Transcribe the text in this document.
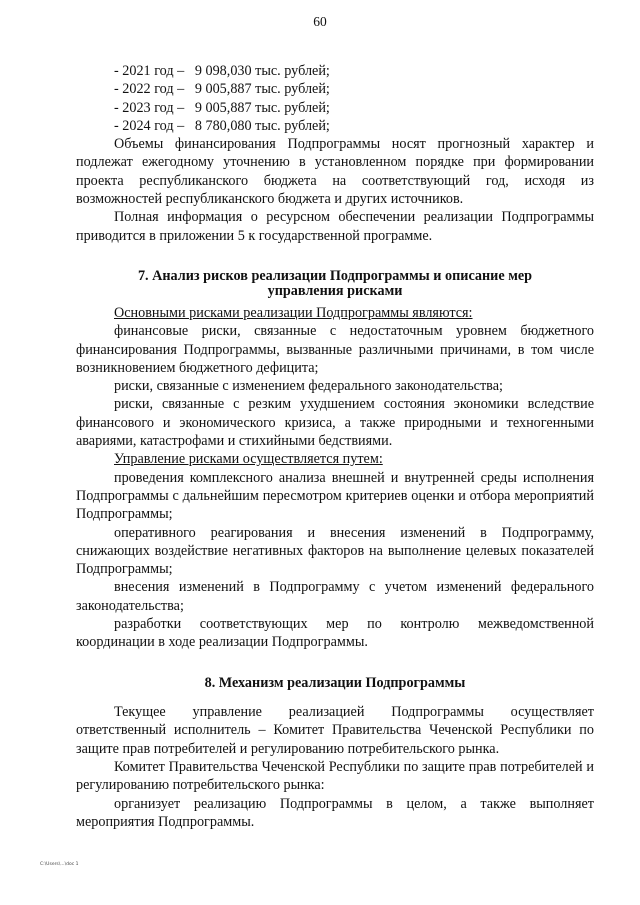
60
- 2021 год – 9 098,030 тыс. рублей;
- 2022 год – 9 005,887 тыс. рублей;
- 2023 год – 9 005,887 тыс. рублей;
- 2024 год – 8 780,080 тыс. рублей;

Объемы финансирования Подпрограммы носят прогнозный характер и подлежат ежегодному уточнению в установленном порядке при формировании проекта республиканского бюджета на соответствующий год, исходя из возможностей республиканского бюджета и других источников.

Полная информация о ресурсном обеспечении реализации Подпрограммы приводится в приложении 5 к государственной программе.

7. Анализ рисков реализации Подпрограммы и описание мер управления рисками

Основными рисками реализации Подпрограммы являются:

финансовые риски, связанные с недостаточным уровнем бюджетного финансирования Подпрограммы, вызванные различными причинами, в том числе возникновением бюджетного дефицита;

риски, связанные с изменением федерального законодательства;

риски, связанные с резким ухудшением состояния экономики вследствие финансового и экономического кризиса, а также природными и техногенными авариями, катастрофами и стихийными бедствиями.

Управление рисками осуществляется путем:

проведения комплексного анализа внешней и внутренней среды исполнения Подпрограммы с дальнейшим пересмотром критериев оценки и отбора мероприятий Подпрограммы;

оперативного реагирования и внесения изменений в Подпрограмму, снижающих воздействие негативных факторов на выполнение целевых показателей Подпрограммы;

внесения изменений в Подпрограмму с учетом изменений федерального законодательства;

разработки соответствующих мер по контролю межведомственной координации в ходе реализации Подпрограммы.

8. Механизм реализации Подпрограммы

Текущее управление реализацией Подпрограммы осуществляет ответственный исполнитель – Комитет Правительства Чеченской Республики по защите прав потребителей и регулированию потребительского рынка.

Комитет Правительства Чеченской Республики по защите прав потребителей и регулированию потребительского рынка:

организует реализацию Подпрограммы в целом, а также выполняет мероприятия Подпрограммы.

С:\Users\...\doc 1
